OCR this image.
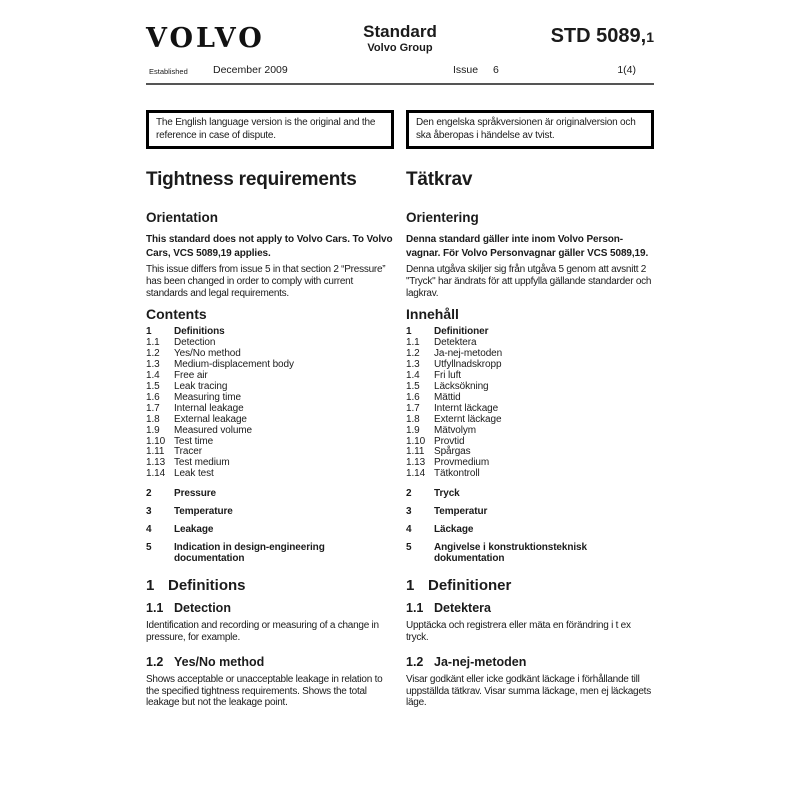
VOLVO	Standard
Volvo Group
STD 5089,1
Established December 2009	Issue 6	1(4)
The English language version is the original and the reference in case of dispute.
Den engelska språkversionen är originalversion och ska åberopas i händelse av tvist.
Tightness requirements	Tätkrav
Orientation	Orientering
This standard does not apply to Volvo Cars. To Volvo Cars, VCS 5089,19 applies.
Denna standard gäller inte inom Volvo Person-vagnar. För Volvo Personvagnar gäller VCS 5089,19.
This issue differs from issue 5 in that section 2 “Pressure” has been changed in order to comply with current standards and legal requirements.
Denna utgåva skiljer sig från utgåva 5 genom att avsnitt 2 "Tryck" har ändrats för att uppfylla gällande standarder och lagkrav.
Contents	Innehåll
1	Definitions
1.1	Detection
1.2	Yes/No method
1.3	Medium-displacement body
1.4	Free air
1.5	Leak tracing
1.6	Measuring time
1.7	Internal leakage
1.8	External leakage
1.9	Measured volume
1.10 Test time
1.11 Tracer
1.13 Test medium
1.14 Leak test
1	Definitioner
1.1	Detektera
1.2	Ja-nej-metoden
1.3	Utfyllnadskropp
1.4	Fri luft
1.5	Läcksökning
1.6	Mättid
1.7	Internt läckage
1.8	Externt läckage
1.9	Mätvolym
1.10 Provtid
1.11 Spårgas
1.13 Provmedium
1.14 Tätkontroll
2	Pressure
3	Temperature
4	Leakage
5	Indication in design-engineering documentation
2	Tryck
3	Temperatur
4	Läckage
5	Angivelse i konstruktionsteknisk dokumentation
1 Definitions	1 Definitioner
1.1 Detection	1.1 Detektera
Identification and recording or measuring of a change in pressure, for example.
Upptäcka och registrera eller mäta en förändring i t ex tryck.
1.2 Yes/No method	1.2 Ja-nej-metoden
Shows acceptable or unacceptable leakage in relation to the specified tightness requirements. Shows the total leakage but not the leakage point.
Visar godkänt eller icke godkänt läckage i förhållande till uppställda tätkrav. Visar summa läckage, men ej läckagets läge.
